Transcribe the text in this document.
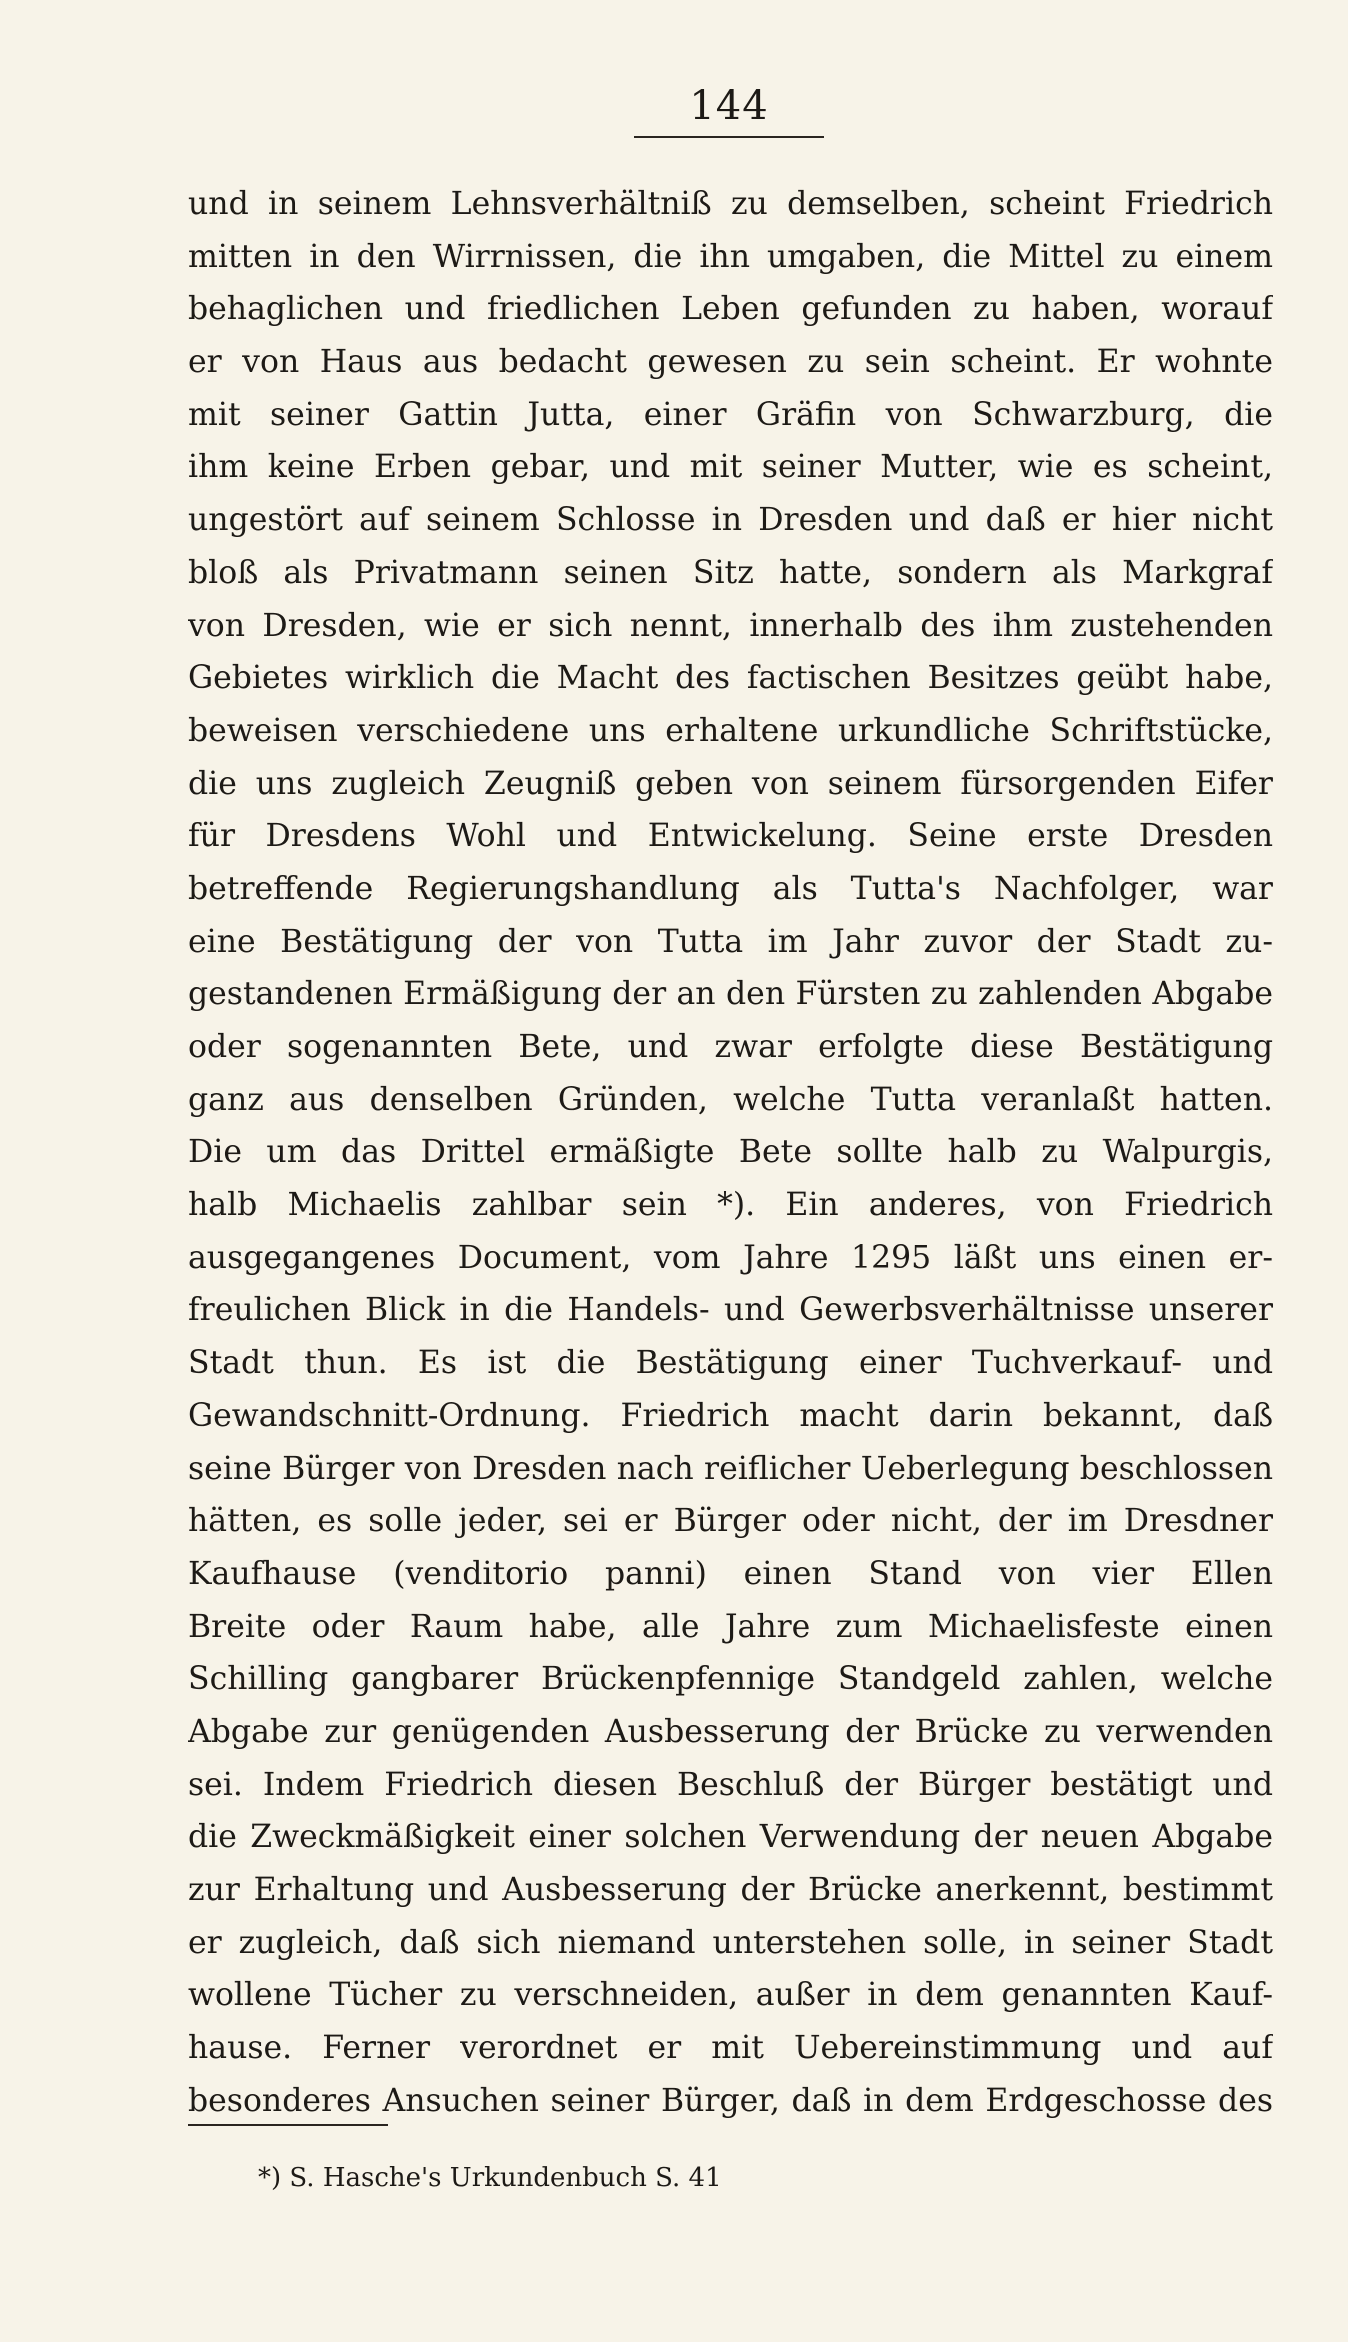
144
und in seinem Lehnsverhältniß zu demselben, scheint Friedrich
mitten in den Wirrnissen, die ihn umgaben, die Mittel zu einem
behaglichen und friedlichen Leben gefunden zu haben, worauf
er von Haus aus bedacht gewesen zu sein scheint. Er wohnte
mit seiner Gattin Jutta, einer Gräfin von Schwarzburg, die
ihm keine Erben gebar, und mit seiner Mutter, wie es scheint,
ungestört auf seinem Schlosse in Dresden und daß er hier nicht
bloß als Privatmann seinen Sitz hatte, sondern als Markgraf
von Dresden, wie er sich nennt, innerhalb des ihm zustehenden
Gebietes wirklich die Macht des factischen Besitzes geübt habe,
beweisen verschiedene uns erhaltene urkundliche Schriftstücke,
die uns zugleich Zeugniß geben von seinem fürsorgenden Eifer
für Dresdens Wohl und Entwickelung. Seine erste Dresden
betreffende Regierungshandlung als Tutta's Nachfolger, war
eine Bestätigung der von Tutta im Jahr zuvor der Stadt zu-
gestandenen Ermäßigung der an den Fürsten zu zahlenden Abgabe
oder sogenannten Bete, und zwar erfolgte diese Bestätigung
ganz aus denselben Gründen, welche Tutta veranlaßt hatten.
Die um das Drittel ermäßigte Bete sollte halb zu Walpurgis,
halb Michaelis zahlbar sein *). Ein anderes, von Friedrich
ausgegangenes Document, vom Jahre 1295 läßt uns einen er-
freulichen Blick in die Handels- und Gewerbsverhältnisse unserer
Stadt thun. Es ist die Bestätigung einer Tuchverkauf- und
Gewandschnitt-Ordnung. Friedrich macht darin bekannt, daß
seine Bürger von Dresden nach reiflicher Ueberlegung beschlossen
hätten, es solle jeder, sei er Bürger oder nicht, der im Dresdner
Kaufhause (venditorio panni) einen Stand von vier Ellen
Breite oder Raum habe, alle Jahre zum Michaelisfeste einen
Schilling gangbarer Brückenpfennige Standgeld zahlen, welche
Abgabe zur genügenden Ausbesserung der Brücke zu verwenden
sei. Indem Friedrich diesen Beschluß der Bürger bestätigt und
die Zweckmäßigkeit einer solchen Verwendung der neuen Abgabe
zur Erhaltung und Ausbesserung der Brücke anerkennt, bestimmt
er zugleich, daß sich niemand unterstehen solle, in seiner Stadt
wollene Tücher zu verschneiden, außer in dem genannten Kauf-
hause. Ferner verordnet er mit Uebereinstimmung und auf
besonderes Ansuchen seiner Bürger, daß in dem Erdgeschosse des
*) S. Hasche's Urkundenbuch S. 41
